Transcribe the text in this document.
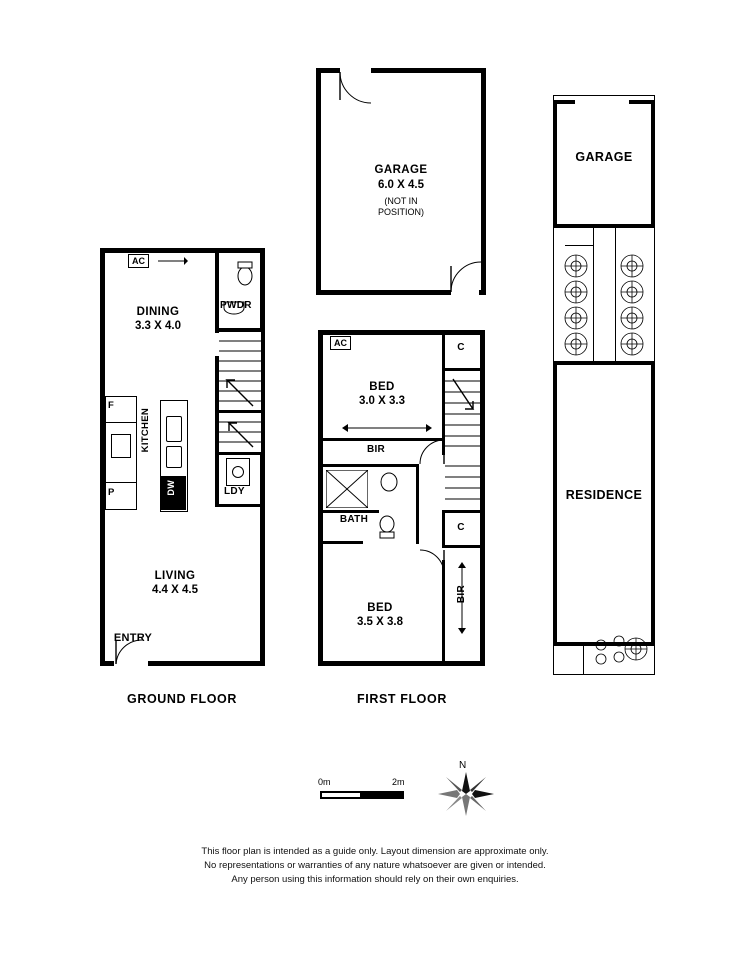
DW
KITCHEN
F
P
AC
PWDR
LDY
DINING
3.3 X 4.0
LIVING
4.4 X 4.5
ENTRY
GROUND FLOOR
GARAGE
6.0 X 4.5
(NOT IN
POSITION)
C
C
BIR
BATH
BIR
AC
BED
3.0 X 3.3
BED
3.5 X 3.8
FIRST FLOOR
GARAGE
RESIDENCE
0m	2m
N
This floor plan is intended as a guide only. Layout dimension are approximate only.
No representations or warranties of any nature whatsoever are given or intended.
Any person using this information should rely on their own enquiries.
